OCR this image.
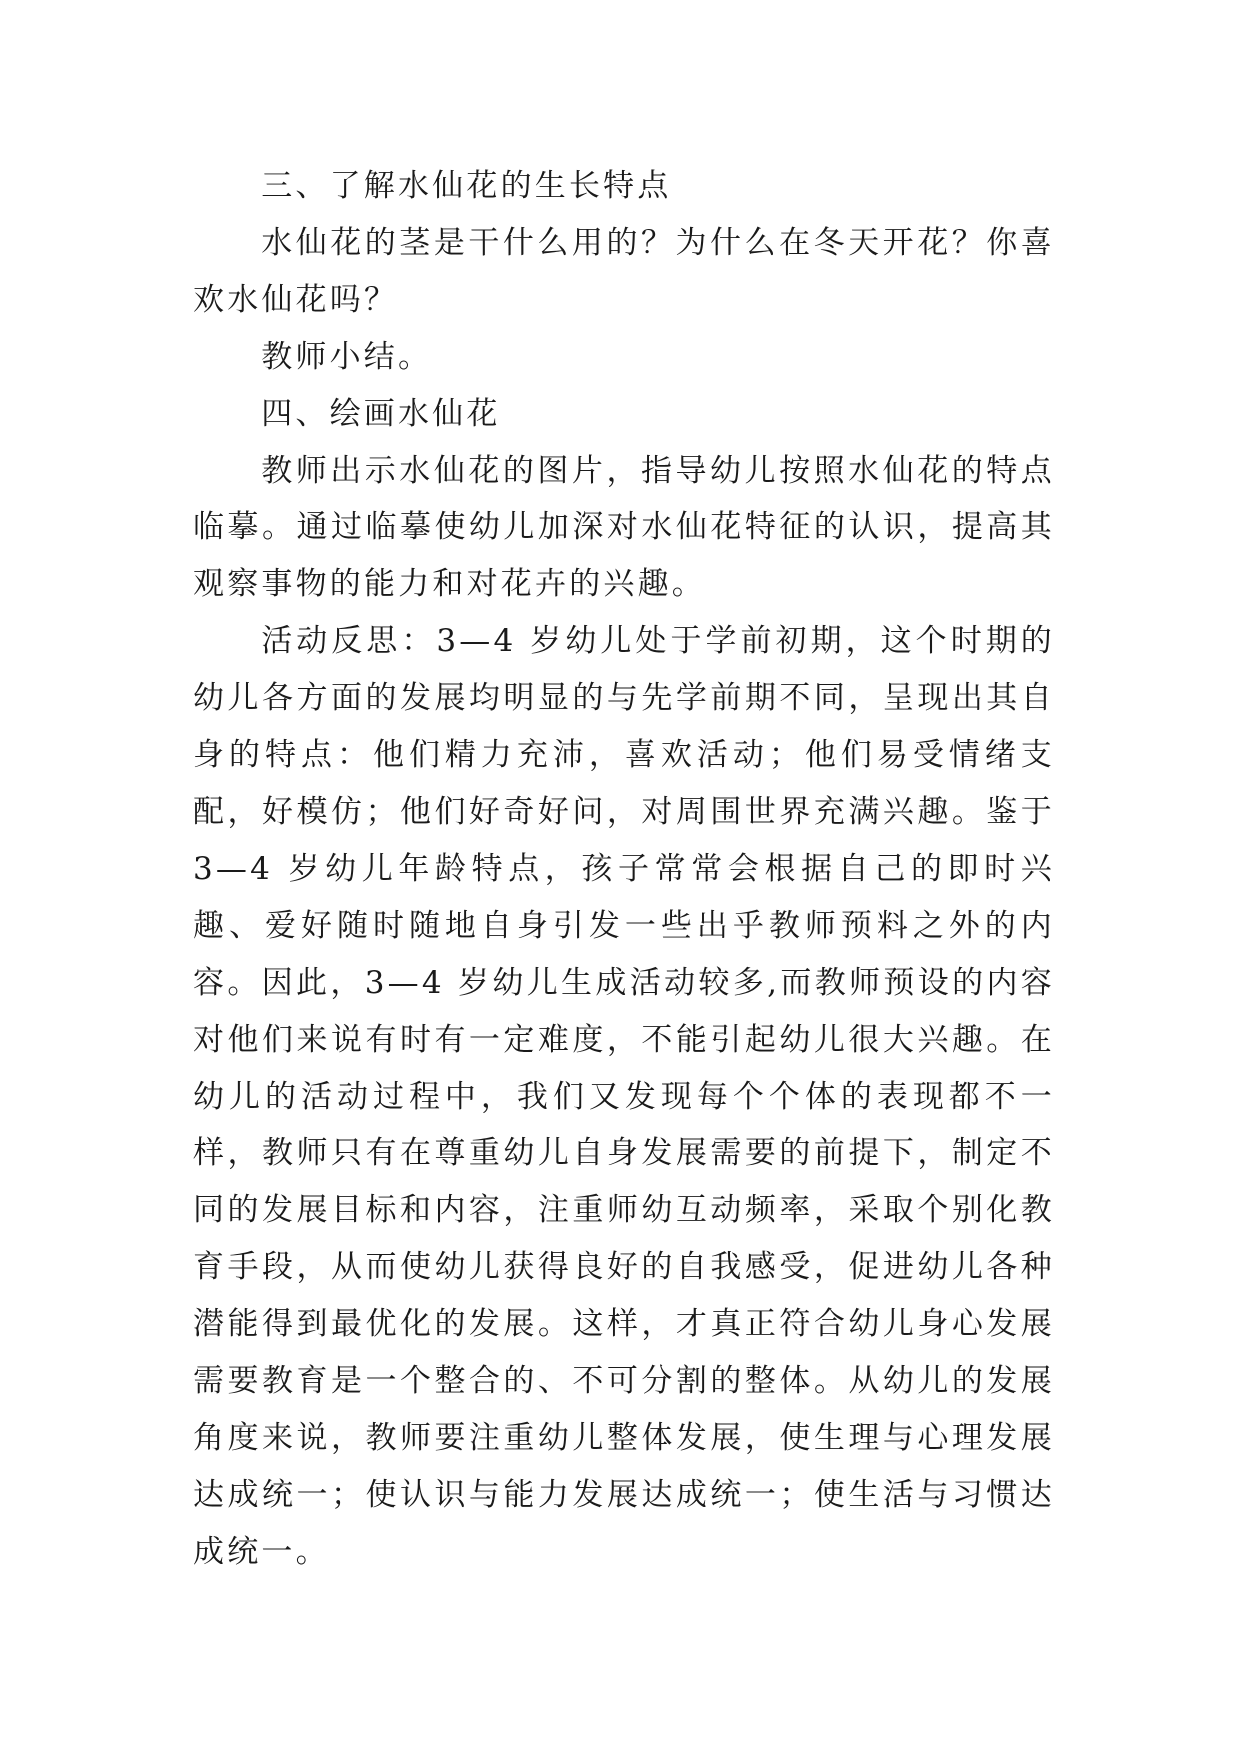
三、了解水仙花的生长特点

水仙花的茎是干什么用的？为什么在冬天开花？你喜欢水仙花吗？

教师小结。

四、绘画水仙花

教师出示水仙花的图片，指导幼儿按照水仙花的特点临摹。通过临摹使幼儿加深对水仙花特征的认识，提高其观察事物的能力和对花卉的兴趣。

活动反思：3—4 岁幼儿处于学前初期，这个时期的幼儿各方面的发展均明显的与先学前期不同，呈现出其自身的特点：他们精力充沛，喜欢活动；他们易受情绪支配，好模仿；他们好奇好问，对周围世界充满兴趣。鉴于 3—4 岁幼儿年龄特点，孩子常常会根据自己的即时兴趣、爱好随时随地自身引发一些出乎教师预料之外的内容。因此，3—4 岁幼儿生成活动较多,而教师预设的内容对他们来说有时有一定难度，不能引起幼儿很大兴趣。在幼儿的活动过程中，我们又发现每个个体的表现都不一样，教师只有在尊重幼儿自身发展需要的前提下，制定不同的发展目标和内容，注重师幼互动频率，采取个别化教育手段，从而使幼儿获得良好的自我感受，促进幼儿各种潜能得到最优化的发展。这样，才真正符合幼儿身心发展需要教育是一个整合的、不可分割的整体。从幼儿的发展角度来说，教师要注重幼儿整体发展，使生理与心理发展达成统一；使认识与能力发展达成统一；使生活与习惯达成统一。
